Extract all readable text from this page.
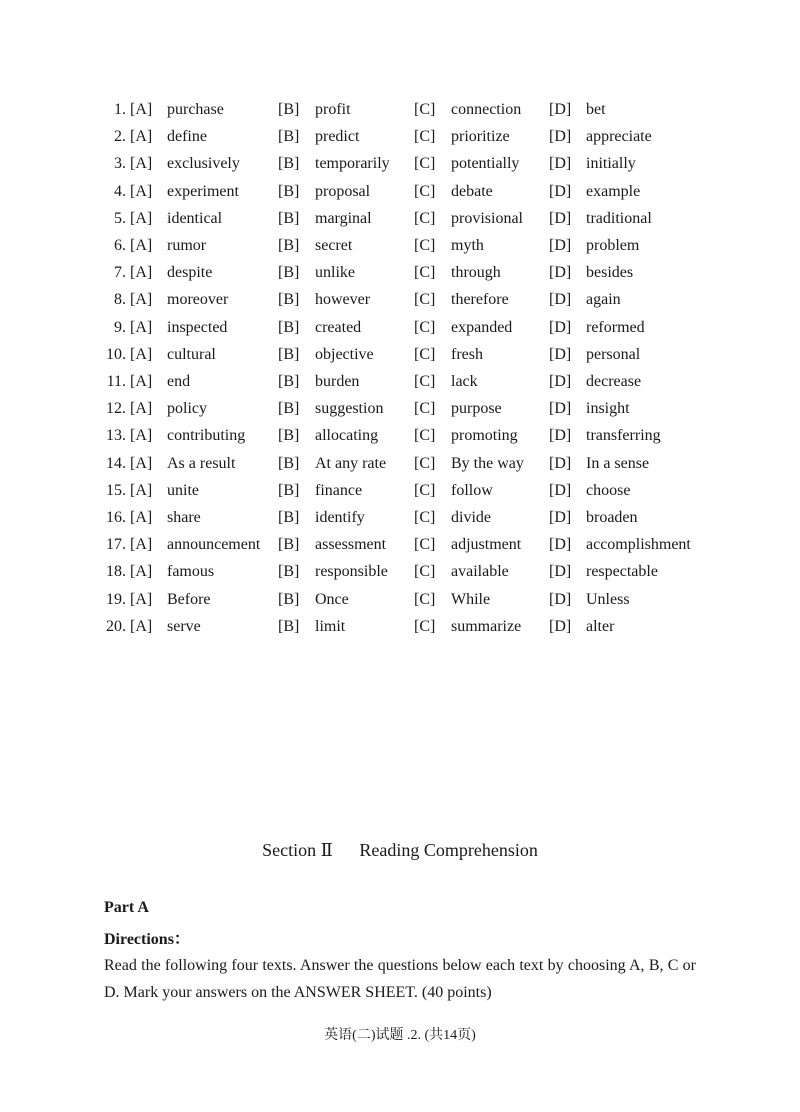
1. [A] purchase	[B] profit	[C] connection [D] bet
2. [A] define	[B] predict	[C] prioritize [D] appreciate
3. [A] exclusively [B] temporarily [C] potentially [D] initially
4. [A] experiment [B] proposal	[C] debate	[D] example
5. [A] identical	[B] marginal	[C] provisional [D] traditional
6. [A] rumor	[B] secret	[C] myth	[D] problem
7. [A] despite	[B] unlike	[C] through	[D] besides
8. [A] moreover	[B] however	[C] therefore	[D] again
9. [A] inspected	[B] created	[C] expanded [D] reformed
10. [A] cultural	[B] objective	[C] fresh	[D] personal
11. [A] end	[B] burden	[C] lack	[D] decrease
12. [A] policy	[B] suggestion [C] purpose	[D] insight
13. [A] contributing [B] allocating [C] promoting [D] transferring
14. [A] As a result	[B] At any rate [C] By the way [D] In a sense
15. [A] unite	[B] finance	[C] follow	[D] choose
16. [A] share	[B] identify	[C] divide	[D] broaden
17. [A] announcement [B] assessment [C] adjustment [D] accomplishment
18. [A] famous	[B] responsible [C] available	[D] respectable
19. [A] Before	[B] Once	[C] While	[D] Unless
20. [A] serve	[B] limit	[C] summarize [D] alter
Section Ⅱ Reading Comprehension
Part A
Directions：
Read the following four texts. Answer the questions below each text by choosing A, B, C or D. Mark your answers on the ANSWER SHEET. (40 points)
英语(二)试题 .2. (共14页)
